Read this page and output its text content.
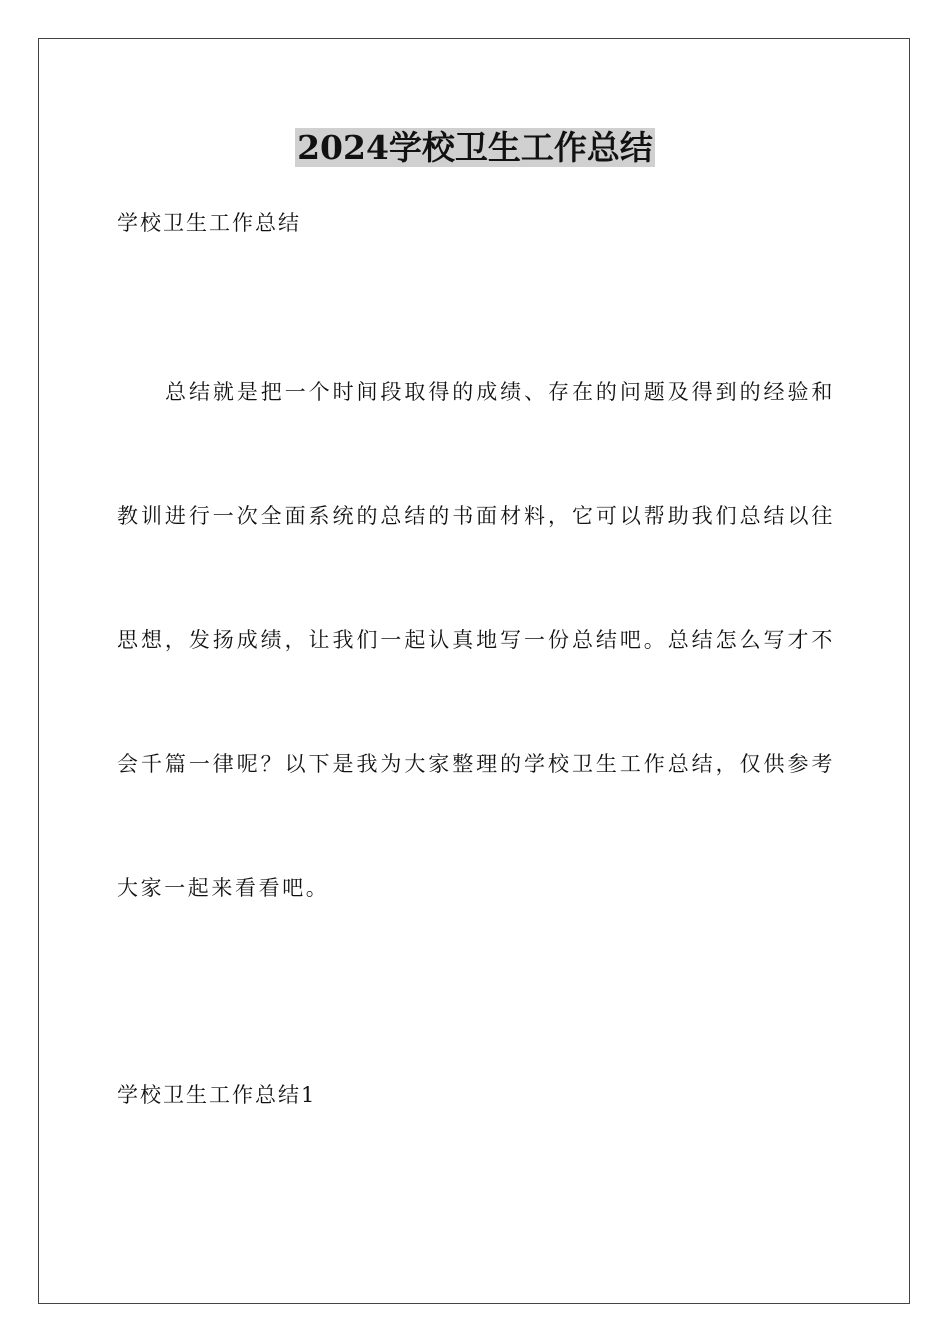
2024学校卫生工作总结

学校卫生工作总结

总结就是把一个时间段取得的成绩、存在的问题及得到的经验和教训进行一次全面系统的总结的书面材料，它可以帮助我们总结以往思想，发扬成绩，让我们一起认真地写一份总结吧。总结怎么写才不会千篇一律呢？以下是我为大家整理的学校卫生工作总结，仅供参考大家一起来看看吧。

学校卫生工作总结1
